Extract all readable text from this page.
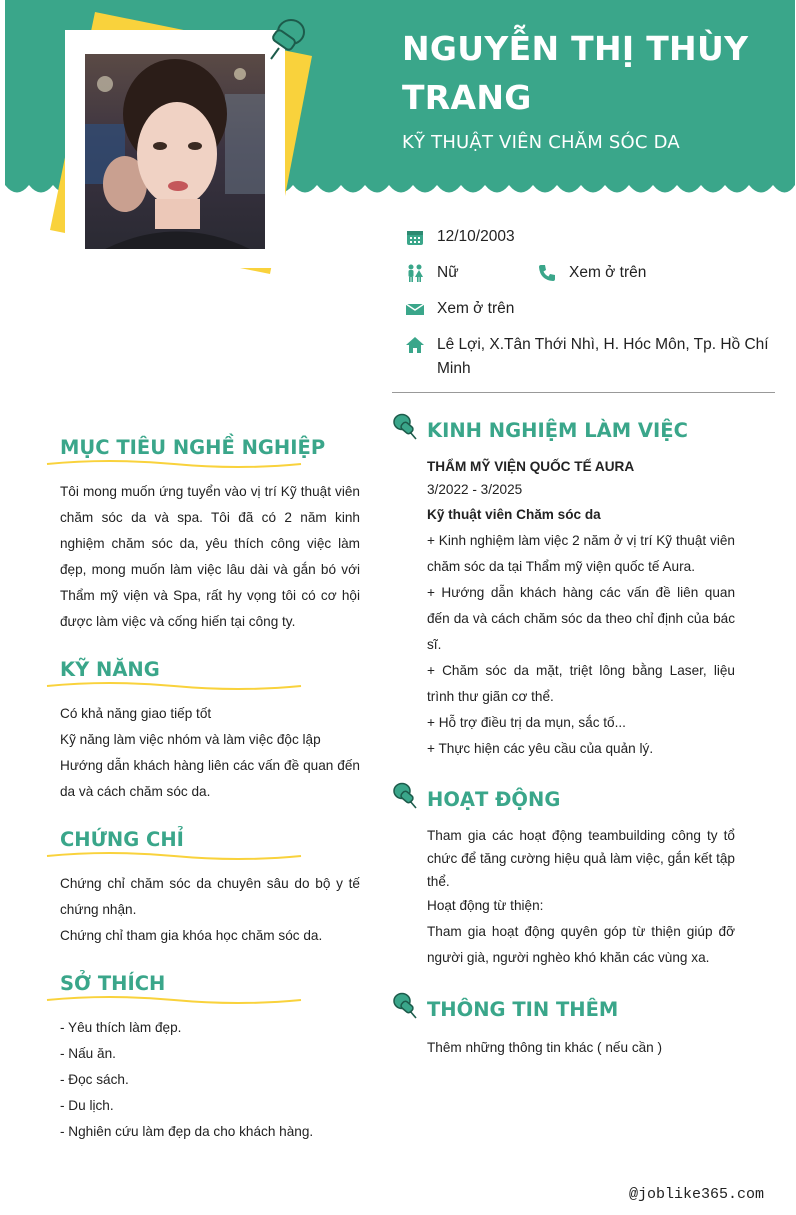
NGUYỄN THỊ THÙY TRANG
KỸ THUẬT VIÊN CHĂM SÓC DA
12/10/2003
Nữ	Xem ở trên
Xem ở trên
Lê Lợi, X.Tân Thới Nhì, H. Hóc Môn, Tp. Hồ Chí Minh
MỤC TIÊU NGHỀ NGHIỆP
Tôi mong muốn ứng tuyển vào vị trí Kỹ thuật viên chăm sóc da và spa. Tôi đã có 2 năm kinh nghiệm chăm sóc da, yêu thích công việc làm đẹp, mong muốn làm việc lâu dài và gắn bó với Thẩm mỹ viện và Spa, rất hy vọng tôi có cơ hội được làm việc và cống hiến tại công ty.
KỸ NĂNG

Có khả năng giao tiếp tốt

Kỹ năng làm việc nhóm và làm việc độc lập

Hướng dẫn khách hàng liên các vấn đề quan đến da và cách chăm sóc da.

CHỨNG CHỈ

Chứng chỉ chăm sóc da chuyên sâu do bộ y tế chứng nhận.

Chứng chỉ tham gia khóa học chăm sóc da.

SỞ THÍCH

- Yêu thích làm đẹp.

- Nấu ăn.

- Đọc sách.

- Du lịch.

- Nghiên cứu làm đẹp da cho khách hàng.

KINH NGHIỆM LÀM VIỆC
THẨM MỸ VIỆN QUỐC TẾ AURA
3/2022 - 3/2025
Kỹ thuật viên Chăm sóc da

+ Kinh nghiệm làm việc 2 năm ở vị trí Kỹ thuật viên chăm sóc da tại Thẩm mỹ viện quốc tế Aura.

+ Hướng dẫn khách hàng các vấn đề liên quan đến da và cách chăm sóc da theo chỉ định của bác sĩ.

+ Chăm sóc da mặt, triệt lông bằng Laser, liệu trình thư giãn cơ thể.

+ Hỗ trợ điều trị da mụn, sắc tố...

+ Thực hiện các yêu cầu của quản lý.

HOẠT ĐỘNG

Tham gia các hoạt động teambuilding công ty tổ chức để tăng cường hiệu quả làm việc, gắn kết tập thể.

Hoạt động từ thiện:

Tham gia hoạt động quyên góp từ thiện giúp đỡ người già, người nghèo khó khăn các vùng xa.

THÔNG TIN THÊM

Thêm những thông tin khác ( nếu cần )

@joblike365.com
